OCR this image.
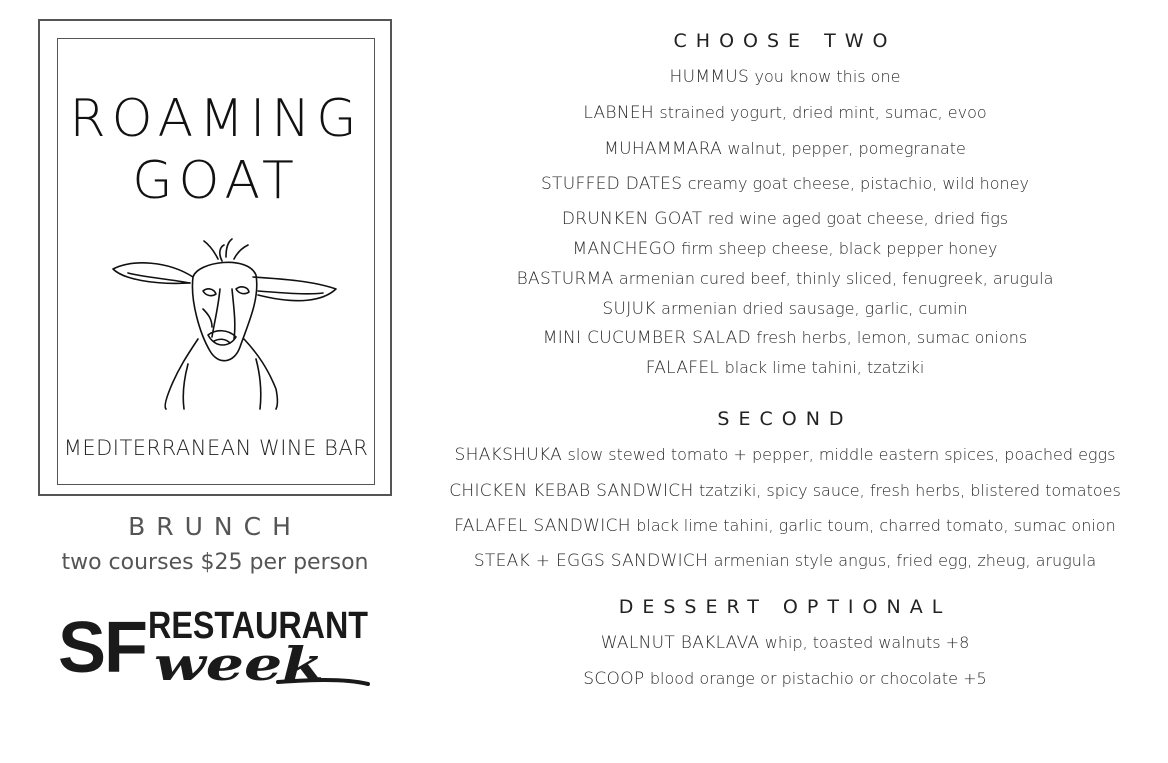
ROAMING
GOAT
MEDITERRANEAN WINE BAR
BRUNCH
two courses $25 per person
SF RESTAURANT
week
CHOOSE TWO
HUMMUS you know this one
LABNEH strained yogurt, dried mint, sumac, evoo
MUHAMMARA walnut, pepper, pomegranate
STUFFED DATES creamy goat cheese, pistachio, wild honey
DRUNKEN GOAT red wine aged goat cheese, dried figs
MANCHEGO firm sheep cheese, black pepper honey
BASTURMA armenian cured beef, thinly sliced, fenugreek, arugula
SUJUK armenian dried sausage, garlic, cumin
MINI CUCUMBER SALAD fresh herbs, lemon, sumac onions
FALAFEL black lime tahini, tzatziki
SECOND
SHAKSHUKA slow stewed tomato + pepper, middle eastern spices, poached eggs
CHICKEN KEBAB SANDWICH tzatziki, spicy sauce, fresh herbs, blistered tomatoes
FALAFEL SANDWICH black lime tahini, garlic toum, charred tomato, sumac onion
STEAK + EGGS SANDWICH armenian style angus, fried egg, zheug, arugula
DESSERT OPTIONAL
WALNUT BAKLAVA whip, toasted walnuts +8
SCOOP blood orange or pistachio or chocolate +5
